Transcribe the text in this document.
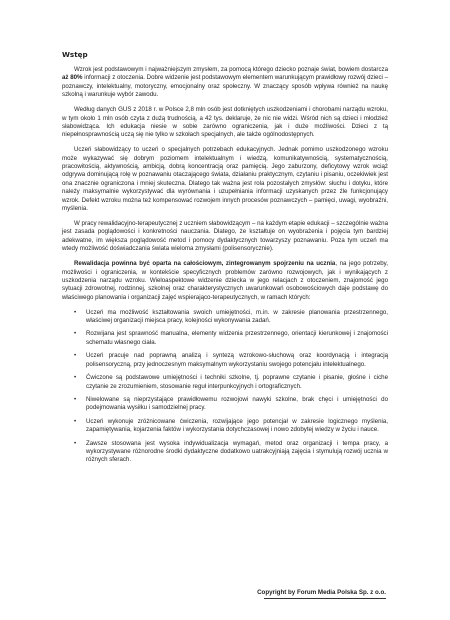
Wstęp

Wzrok jest podstawowym i najważniejszym zmysłem, za pomocą którego dziecko poznaje świat, bowiem dostarcza aż 80% informacji z otoczenia. Dobre widzenie jest podstawowym elementem warunkującym prawidłowy rozwój dzieci – poznawczy, intelektualny, motoryczny, emocjonalny oraz społeczny. W znaczący sposób wpływa również na naukę szkolną i warunkuje wybór zawodu.

Według danych GUS z 2018 r. w Polsce 2,8 mln osób jest dotkniętych uszkodzeniami i chorobami narządu wzroku, w tym około 1 mln osób czyta z dużą trudnością, a 42 tys. deklaruje, że nic nie widzi. Wśród nich są dzieci i młodzież słabowidząca. Ich edukacja niesie w sobie zarówno ograniczenia, jak i duże możliwości. Dzieci z tą niepełnosprawnością uczą się nie tylko w szkołach specjalnych, ale także ogólnodostępnych.

Uczeń słabowidzący to uczeń o specjalnych potrzebach edukacyjnych. Jednak pomimo uszkodzonego wzroku może wykazywać się dobrym poziomem intelektualnym i wiedzą, komunikatywnością, systematycznością, pracowitością, aktywnością, ambicją, dobrą koncentracją oraz pamięcią. Jego zaburzony, deficytowy wzrok wciąż odgrywa dominującą rolę w poznawaniu otaczającego świata, działaniu praktycznym, czytaniu i pisaniu, oczekiwiek jest ona znacznie ograniczona i mniej skuteczna. Dlatego tak ważna jest rola pozostałych zmysłów: słuchu i dotyku, które należy maksymalnie wykorzystywać dla wyrównania i uzupełniania informacji uzyskanych przez źle funkcjonujący wzrok. Defekt wzroku można też kompensować rozwojem innych procesów poznawczych – pamięci, uwagi, wyobraźni, myślenia.

W pracy rewalidacyjno-terapeutycznej z uczniem słabowidzącym – na każdym etapie edukacji – szczególnie ważna jest zasada poglądowości i konkretności nauczania. Dlatego, że kształtuje on wyobrażenia i pojęcia tym bardziej adekwatne, im większa poglądowość metod i pomocy dydaktycznych towarzyszy poznawaniu. Poza tym uczeń ma wtedy możliwość doświadczania świata wieloma zmysłami (polisensorycznie).

Rewalidacja powinna być oparta na całościowym, zintegrowanym spojrzeniu na ucznia, na jego potrzeby, możliwości i ograniczenia, w kontekście specyficznych problemów zarówno rozwojowych, jak i wynikających z uszkodzenia narządu wzroku. Wieloaspektowe widzenie dziecka w jego relacjach z otoczeniem, znajomość jego sytuacji zdrowotnej, rodzinnej, szkolnej oraz charakterystycznych uwarunkowań osobowościowych daje podstawę do właściwego planowania i organizacji zajęć wspierająco-terapeutycznych, w ramach których:

• Uczeń ma możliwość kształtowania swoich umiejętności, m.in. w zakresie planowania przestrzennego, właściwej organizacji miejsca pracy, kolejności wykonywania zadań.
• Rozwijana jest sprawność manualna, elementy widzenia przestrzennego, orientacji kierunkowej i znajomości schematu własnego ciała.
• Uczeń pracuje nad poprawną analizą i syntezą wzrokowo-słuchową oraz koordynacją i integracją polisensoryczną, przy jednoczesnym maksymalnym wykorzystaniu swojego potencjału intelektualnego.
• Ćwiczone są podstawowe umiejętności i techniki szkolne, tj. poprawne czytanie i pisanie, głośne i ciche czytanie ze zrozumieniem, stosowanie reguł interpunkcyjnych i ortograficznych.
• Niwelowane są nieprzystające prawidłowemu rozwojowi nawyki szkolne, brak chęci i umiejętności do podejmowania wysiłku i samodzielnej pracy.
• Uczeń wykonuje zróżnicowane ćwiczenia, rozwijające jego potencjał w zakresie logicznego myślenia, zapamiętywania, kojarzenia faktów i wykorzystania dotychczasowej i nowo zdobytej wiedzy w życiu i nauce.
• Zawsze stosowana jest wysoka indywidualizacja wymagań, metod oraz organizacji i tempa pracy, a wykorzystywane różnorodne środki dydaktyczne dodatkowo uatrakcyjniają zajęcia i stymulują rozwój ucznia w różnych sferach.
Copyright by Forum Media Polska Sp. z o.o.
